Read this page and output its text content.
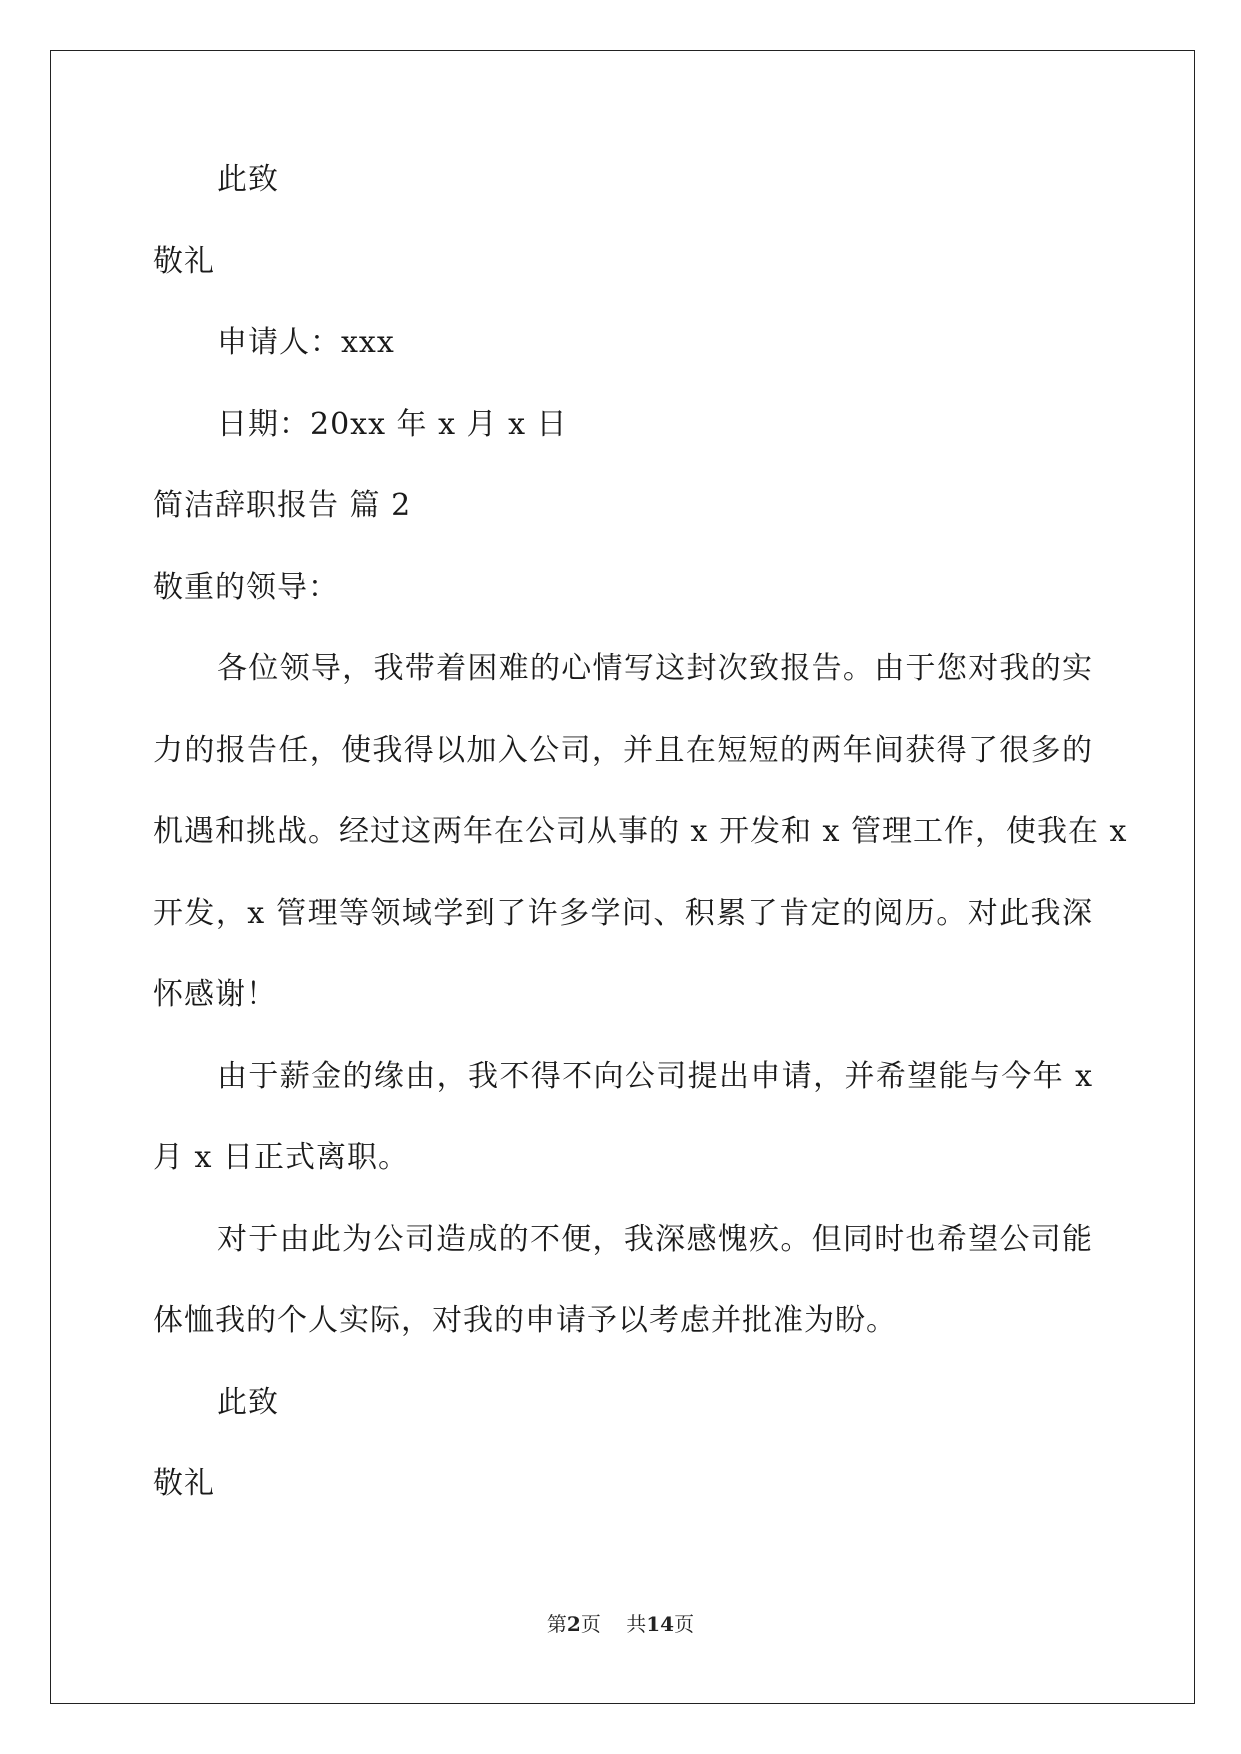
此致
敬礼
申请人：xxx
日期：20xx 年 x 月 x 日
简洁辞职报告 篇 2
敬重的领导：
各位领导，我带着困难的心情写这封次致报告。由于您对我的实
力的报告任，使我得以加入公司，并且在短短的两年间获得了很多的
机遇和挑战。经过这两年在公司从事的 x 开发和 x 管理工作，使我在 x
开发，x 管理等领域学到了许多学问、积累了肯定的阅历。对此我深
怀感谢！
由于薪金的缘由，我不得不向公司提出申请，并希望能与今年 x
月 x 日正式离职。
对于由此为公司造成的不便，我深感愧疚。但同时也希望公司能
体恤我的个人实际，对我的申请予以考虑并批准为盼。
此致
敬礼
第2页    共14页
